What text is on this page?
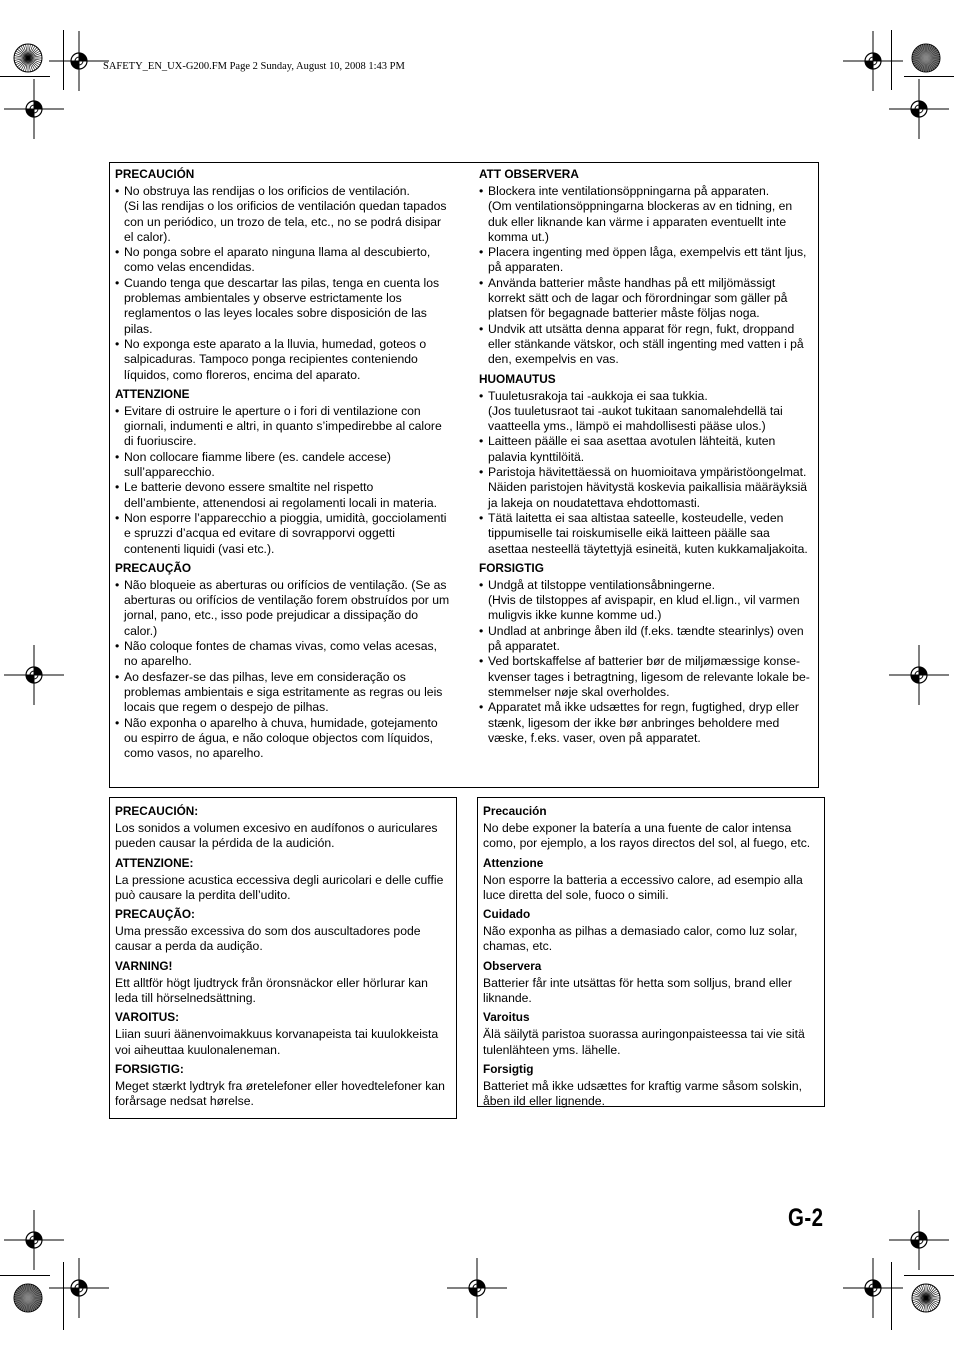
SAFETY_EN_UX-G200.FM Page 2 Sunday, August 10, 2008 1:43 PM
PRECAUCIÓN
• No obstruya las rendijas o los orificios de ventilación.
(Si las rendijas o los orificios de ventilación quedan tapados con un periódico, un trozo de tela, etc., no se podrá disipar el calor).
• No ponga sobre el aparato ninguna llama al descubierto, como velas encendidas.
• Cuando tenga que descartar las pilas, tenga en cuenta los problemas ambientales y observe estrictamente los reglamentos o las leyes locales sobre disposición de las pilas.
• No exponga este aparato a la lluvia, humedad, goteos o salpicaduras. Tampoco ponga recipientes conteniendo líquidos, como floreros, encima del aparato.
ATTENZIONE
• Evitare di ostruire le aperture o i fori di ventilazione con giornali, indumenti e altri, in quanto s’impedirebbe al calore di fuoriuscire.
• Non collocare fiamme libere (es. candele accese) sull’apparecchio.
• Le batterie devono essere smaltite nel rispetto dell’ambiente, attenendosi ai regolamenti locali in materia.
• Non esporre l’apparecchio a pioggia, umidità, gocciolamenti e spruzzi d’acqua ed evitare di sovrapporvi oggetti contenenti liquidi (vasi etc.).
PRECAUÇÃO
• Não bloqueie as aberturas ou orifícios de ventilação. (Se as aberturas ou orifícios de ventilação forem obstruídos por um jornal, pano, etc., isso pode prejudicar a dissipação do calor.)
• Não coloque fontes de chamas vivas, como velas acesas, no aparelho.
• Ao desfazer-se das pilhas, leve em consideração os problemas ambientais e siga estritamente as regras ou leis locais que regem o despejo de pilhas.
• Não exponha o aparelho à chuva, humidade, gotejamento ou espirro de água, e não coloque objectos com líquidos, como vasos, no aparelho.
ATT OBSERVERA
• Blockera inte ventilationsöppningarna på apparaten.
(Om ventilationsöppningarna blockeras av en tidning, en duk eller liknande kan värme i apparaten eventuellt inte komma ut.)
• Placera ingenting med öppen låga, exempelvis ett tänt ljus, på apparaten.
• Använda batterier måste handhas på ett miljömässigt korrekt sätt och de lagar och förordningar som gäller på platsen för begagnade batterier måste följas noga.
• Undvik att utsätta denna apparat för regn, fukt, droppand eller stänkande vätskor, och ställ ingenting med vatten i på den, exempelvis en vas.
HUOMAUTUS
• Tuuletusrakoja tai -aukkoja ei saa tukkia.
(Jos tuuletusraot tai -aukot tukitaan sanomalehdellä tai vaatteella yms., lämpö ei mahdollisesti pääse ulos.)
• Laitteen päälle ei saa asettaa avotulen lähteitä, kuten palavia kynttilöitä.
• Paristoja hävitettäessä on huomioitava ympäristöongelmat. Näiden paristojen hävitystä koskevia paikallisia määräyksiä ja lakeja on noudatettava ehdottomasti.
• Tätä laitetta ei saa altistaa sateelle, kosteudelle, veden tippumiselle tai roiskumiselle eikä laitteen päälle saa asettaa nesteellä täytettyjä esineitä, kuten kukkamaljakoita.
FORSIGTIG
• Undgå at tilstoppe ventilationsåbningerne.
(Hvis de tilstoppes af avispapir, en klud el.lign., vil varmen muligvis ikke kunne komme ud.)
• Undlad at anbringe åben ild (f.eks. tændte stearinlys) oven på apparatet.
• Ved bortskaffelse af batterier bør de miljømæssige konse-kvenser tages i betragtning, ligesom de relevante lokale be-stemmelser nøje skal overholdes.
• Apparatet må ikke udsættes for regn, fugtighed, dryp eller stænk, ligesom der ikke bør anbringes beholdere med væske, f.eks. vaser, oven på apparatet.
PRECAUCIÓN:
Los sonidos a volumen excesivo en audífonos o auriculares pueden causar la pérdida de la audición.
ATTENZIONE:
La pressione acustica eccessiva degli auricolari e delle cuffie può causare la perdita dell’udito.
PRECAUÇÃO:
Uma pressão excessiva do som dos auscultadores pode causar a perda da audição.
VARNING!
Ett alltför högt ljudtryck från öronsnäckor eller hörlurar kan leda till hörselnedsättning.
VAROITUS:
Liian suuri äänenvoimakkuus korvanapeista tai kuulokkeista voi aiheuttaa kuulonaleneman.
FORSIGTIG:
Meget stærkt lydtryk fra øretelefoner eller hovedtelefoner kan forårsage nedsat hørelse.
Precaución
No debe exponer la batería a una fuente de calor intensa como, por ejemplo, a los rayos directos del sol, al fuego, etc.
Attenzione
Non esporre la batteria a eccessivo calore, ad esempio alla luce diretta del sole, fuoco o simili.
Cuidado
Não exponha as pilhas a demasiado calor, como luz solar, chamas, etc.
Observera
Batterier får inte utsättas för hetta som solljus, brand eller liknande.
Varoitus
Älä säilytä paristoa suorassa auringonpaisteessa tai vie sitä tulenlähteen yms. lähelle.
Forsigtig
Batteriet må ikke udsættes for kraftig varme såsom solskin, åben ild eller lignende.
G-2
